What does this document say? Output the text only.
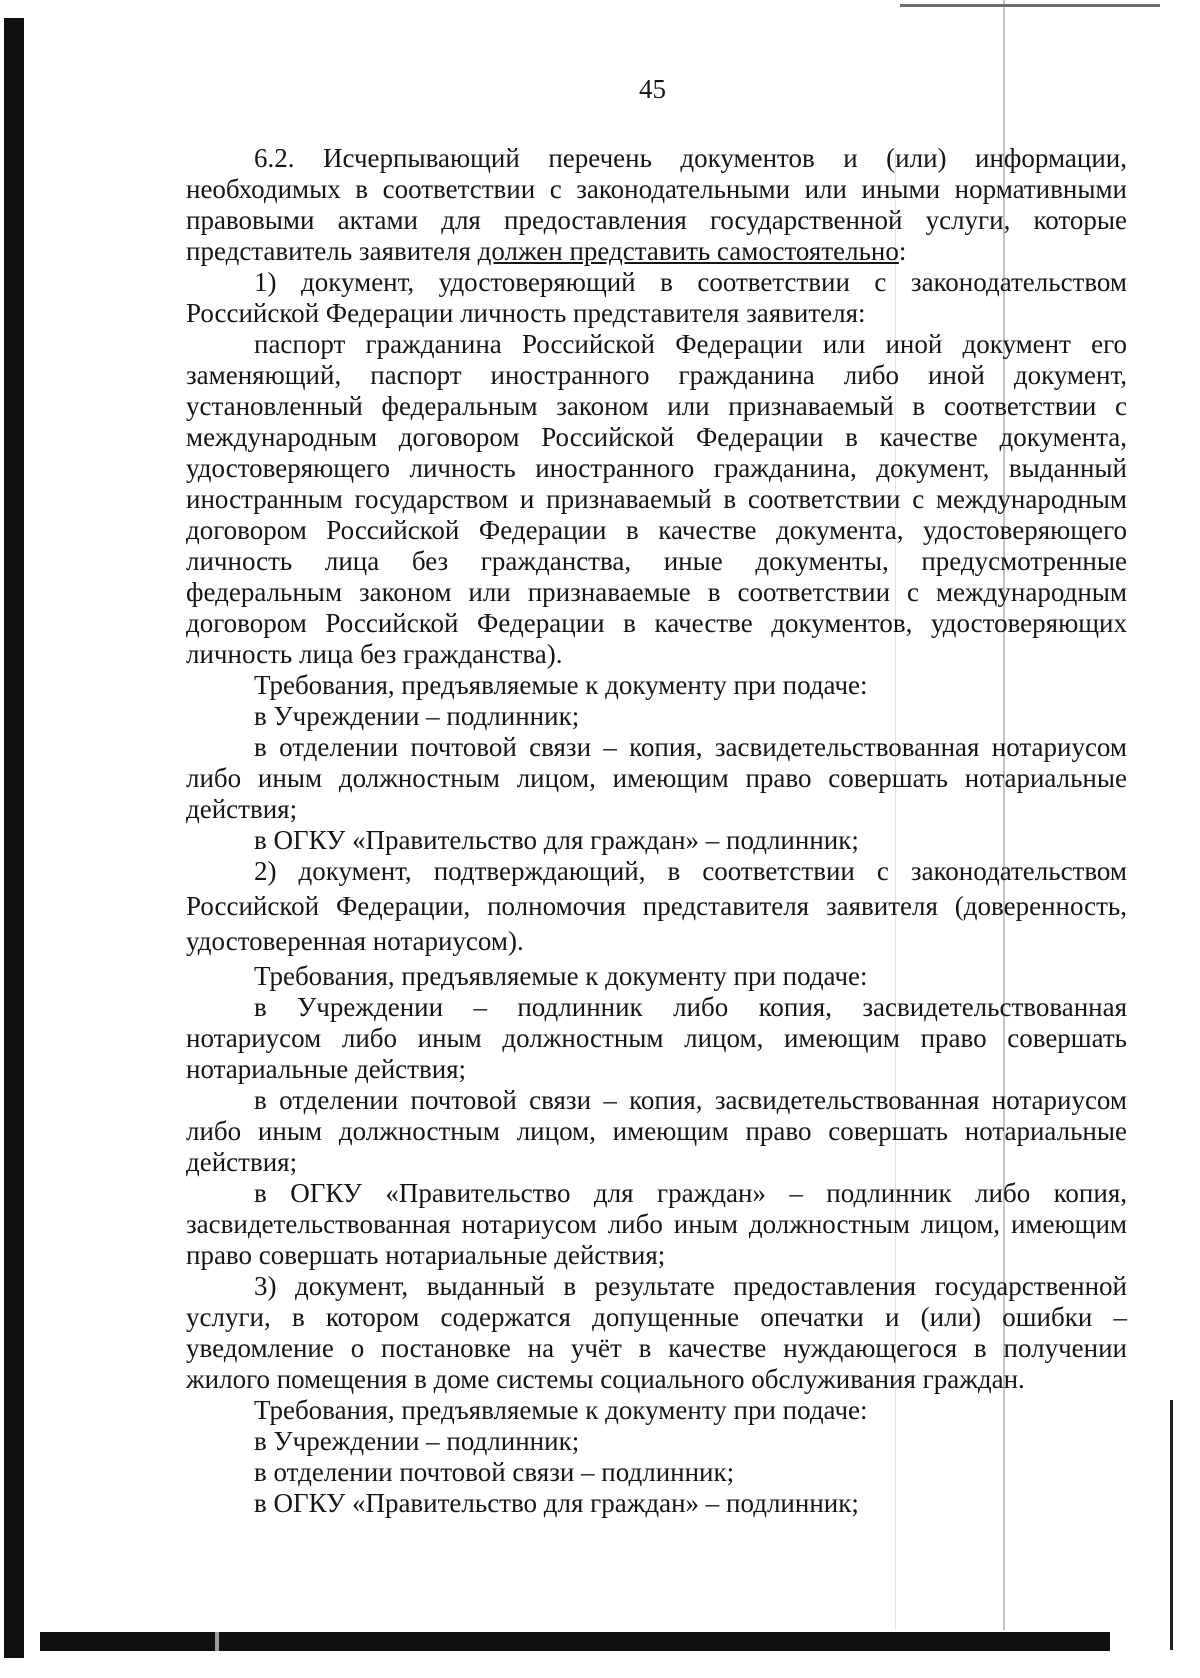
45
6.2. Исчерпывающий перечень документов и (или) информации,
необходимых в соответствии с законодательными или иными нормативными
правовыми актами для предоставления государственной услуги, которые
представитель заявителя должен представить самостоятельно:
1) документ, удостоверяющий в соответствии с законодательством
Российской Федерации личность представителя заявителя:
паспорт гражданина Российской Федерации или иной документ его
заменяющий, паспорт иностранного гражданина либо иной документ,
установленный федеральным законом или признаваемый в соответствии с
международным договором Российской Федерации в качестве документа,
удостоверяющего личность иностранного гражданина, документ, выданный
иностранным государством и признаваемый в соответствии с международным
договором Российской Федерации в качестве документа, удостоверяющего
личность лица без гражданства, иные документы, предусмотренные
федеральным законом или признаваемые в соответствии с международным
договором Российской Федерации в качестве документов, удостоверяющих
личность лица без гражданства).
Требования, предъявляемые к документу при подаче:
в Учреждении – подлинник;
в отделении почтовой связи – копия, засвидетельствованная нотариусом
либо иным должностным лицом, имеющим право совершать нотариальные
действия;
в ОГКУ «Правительство для граждан» – подлинник;
2) документ, подтверждающий, в соответствии с законодательством
Российской Федерации, полномочия представителя заявителя (доверенность,
удостоверенная нотариусом).
Требования, предъявляемые к документу при подаче:
в Учреждении – подлинник либо копия, засвидетельствованная
нотариусом либо иным должностным лицом, имеющим право совершать
нотариальные действия;
в отделении почтовой связи – копия, засвидетельствованная нотариусом
либо иным должностным лицом, имеющим право совершать нотариальные
действия;
в ОГКУ «Правительство для граждан» – подлинник либо копия,
засвидетельствованная нотариусом либо иным должностным лицом, имеющим
право совершать нотариальные действия;
3) документ, выданный в результате предоставления государственной
услуги, в котором содержатся допущенные опечатки и (или) ошибки –
уведомление о постановке на учёт в качестве нуждающегося в получении
жилого помещения в доме системы социального обслуживания граждан.
Требования, предъявляемые к документу при подаче:
в Учреждении – подлинник;
в отделении почтовой связи – подлинник;
в ОГКУ «Правительство для граждан» – подлинник;
